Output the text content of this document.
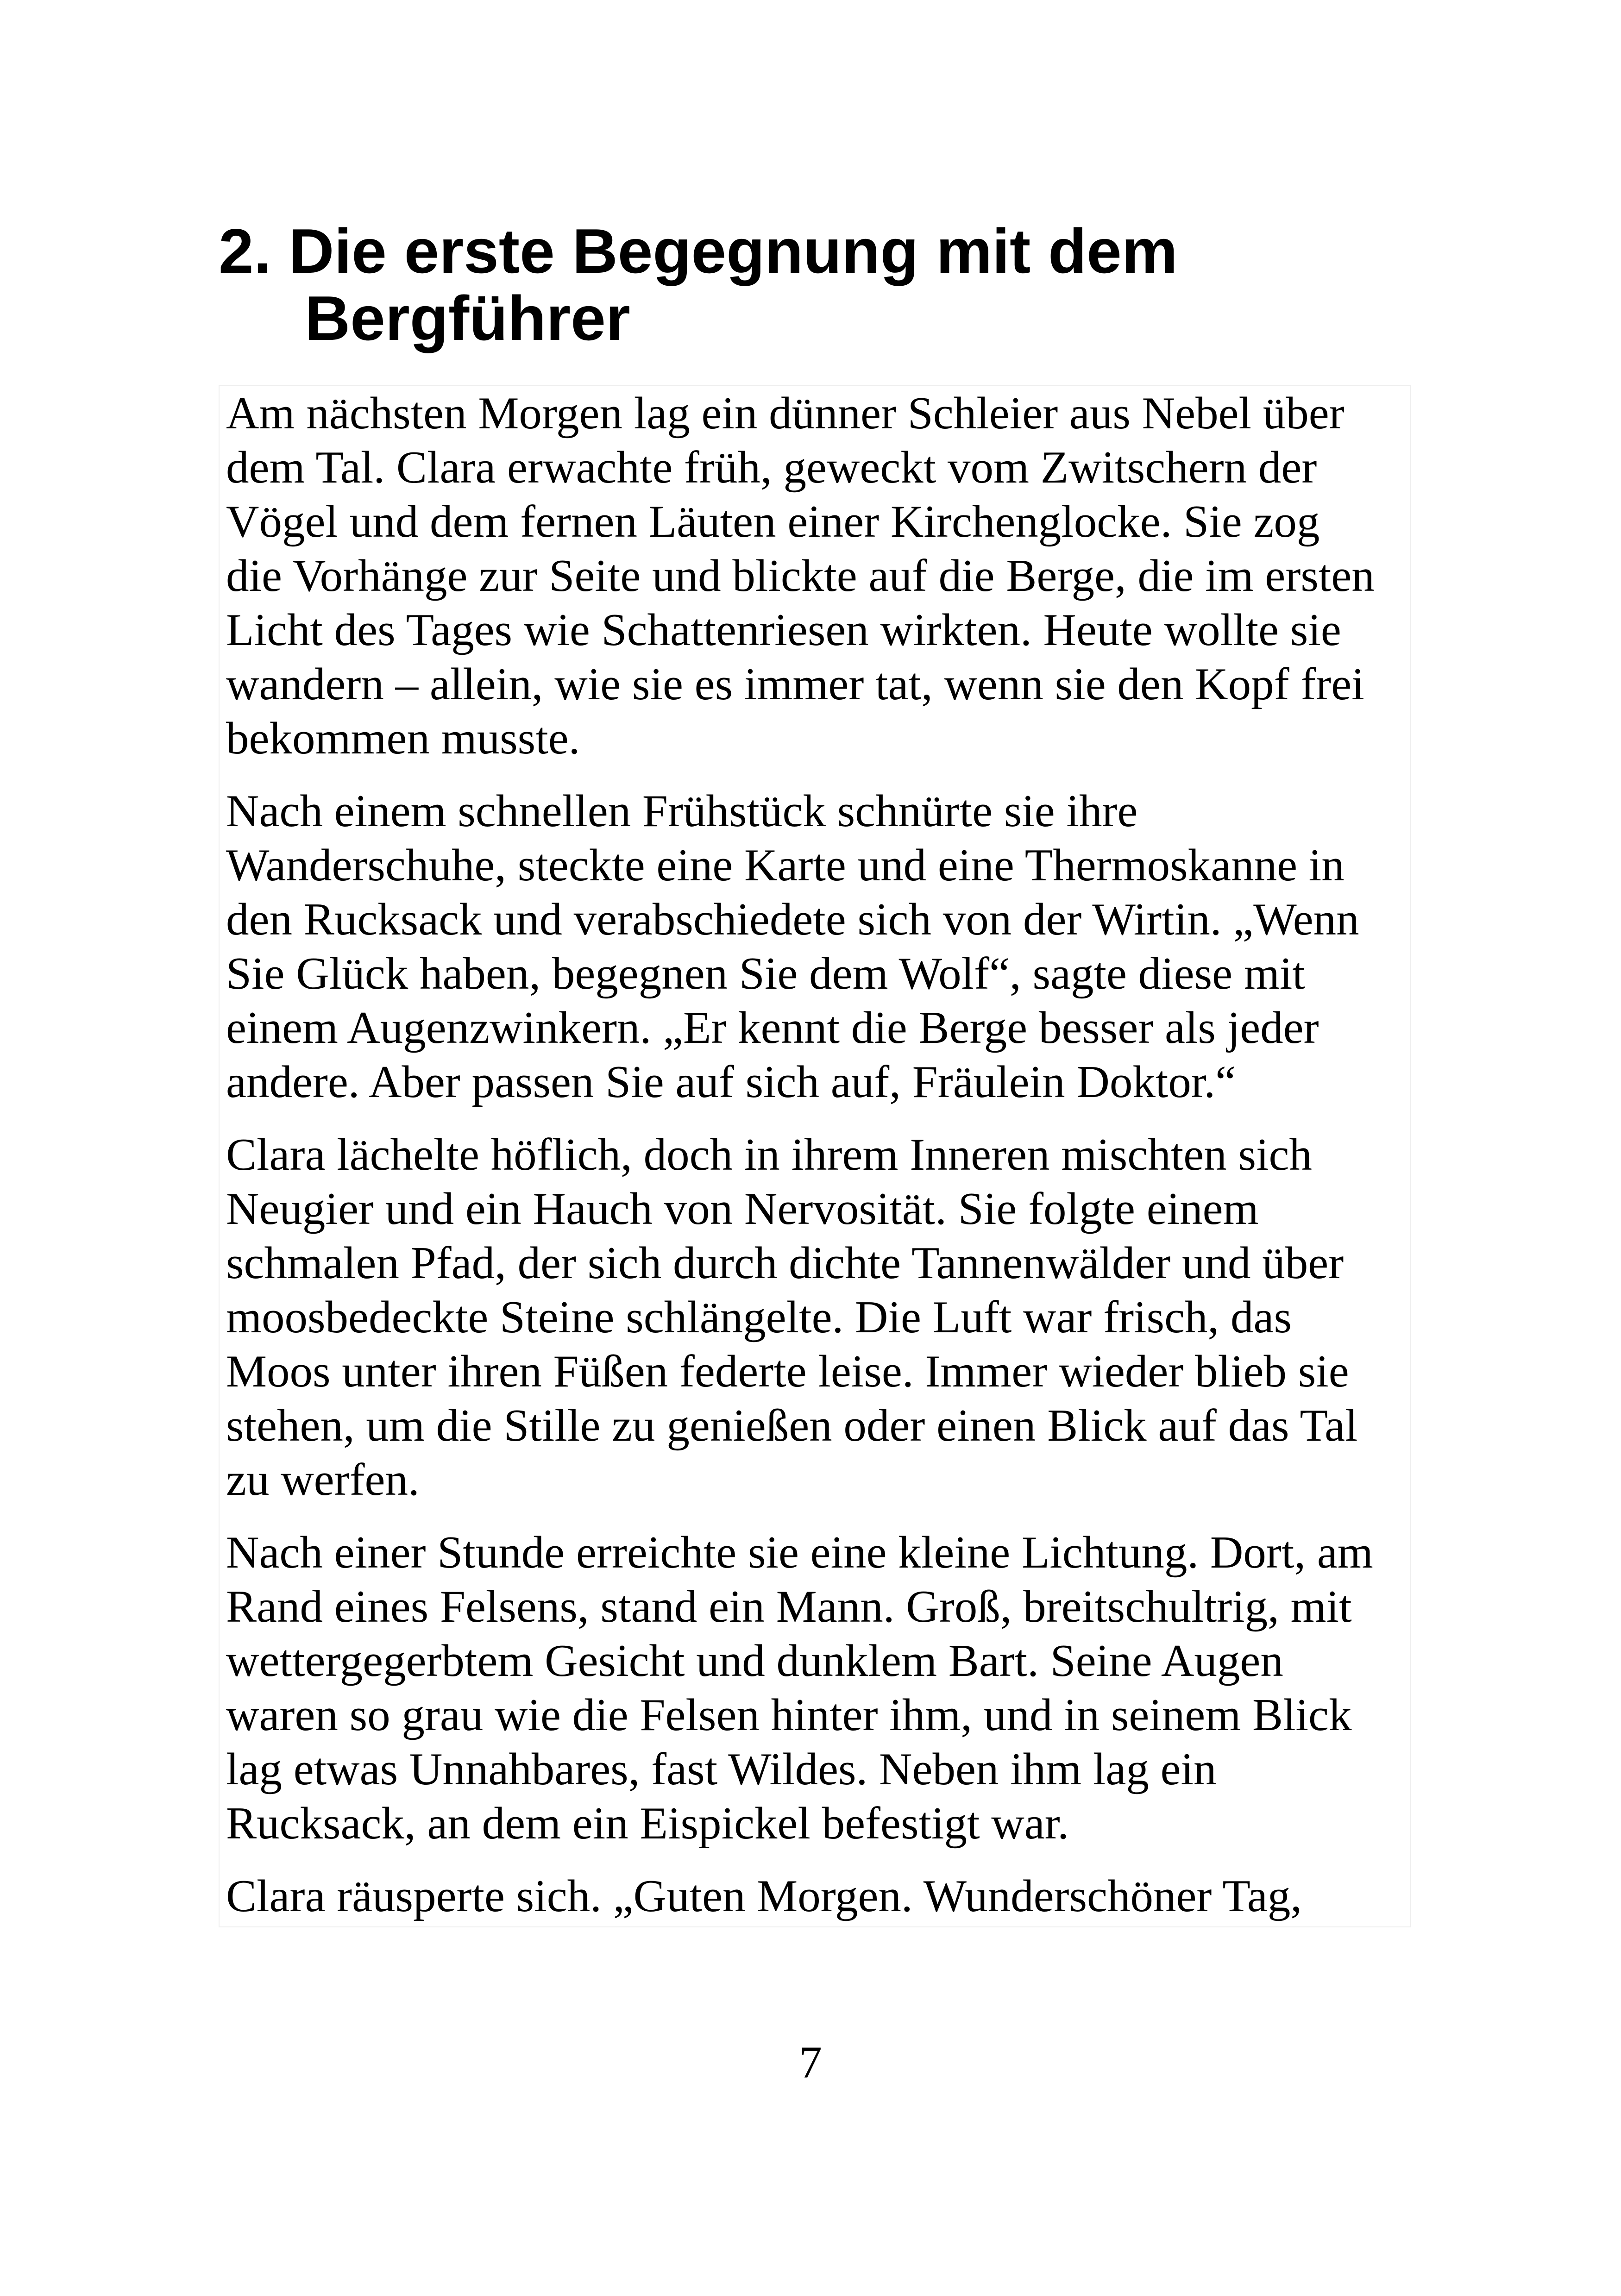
2. Die erste Begegnung mit dem
Bergführer

Am nächsten Morgen lag ein dünner Schleier aus Nebel über
dem Tal. Clara erwachte früh, geweckt vom Zwitschern der
Vögel und dem fernen Läuten einer Kirchenglocke. Sie zog
die Vorhänge zur Seite und blickte auf die Berge, die im ersten
Licht des Tages wie Schattenriesen wirkten. Heute wollte sie
wandern – allein, wie sie es immer tat, wenn sie den Kopf frei
bekommen musste.

Nach einem schnellen Frühstück schnürte sie ihre
Wanderschuhe, steckte eine Karte und eine Thermoskanne in
den Rucksack und verabschiedete sich von der Wirtin. „Wenn
Sie Glück haben, begegnen Sie dem Wolf“, sagte diese mit
einem Augenzwinkern. „Er kennt die Berge besser als jeder
andere. Aber passen Sie auf sich auf, Fräulein Doktor.“

Clara lächelte höflich, doch in ihrem Inneren mischten sich
Neugier und ein Hauch von Nervosität. Sie folgte einem
schmalen Pfad, der sich durch dichte Tannenwälder und über
moosbedeckte Steine schlängelte. Die Luft war frisch, das
Moos unter ihren Füßen federte leise. Immer wieder blieb sie
stehen, um die Stille zu genießen oder einen Blick auf das Tal
zu werfen.

Nach einer Stunde erreichte sie eine kleine Lichtung. Dort, am
Rand eines Felsens, stand ein Mann. Groß, breitschultrig, mit
wettergegerbtem Gesicht und dunklem Bart. Seine Augen
waren so grau wie die Felsen hinter ihm, und in seinem Blick
lag etwas Unnahbares, fast Wildes. Neben ihm lag ein
Rucksack, an dem ein Eispickel befestigt war.

Clara räusperte sich. „Guten Morgen. Wunderschöner Tag,

7
